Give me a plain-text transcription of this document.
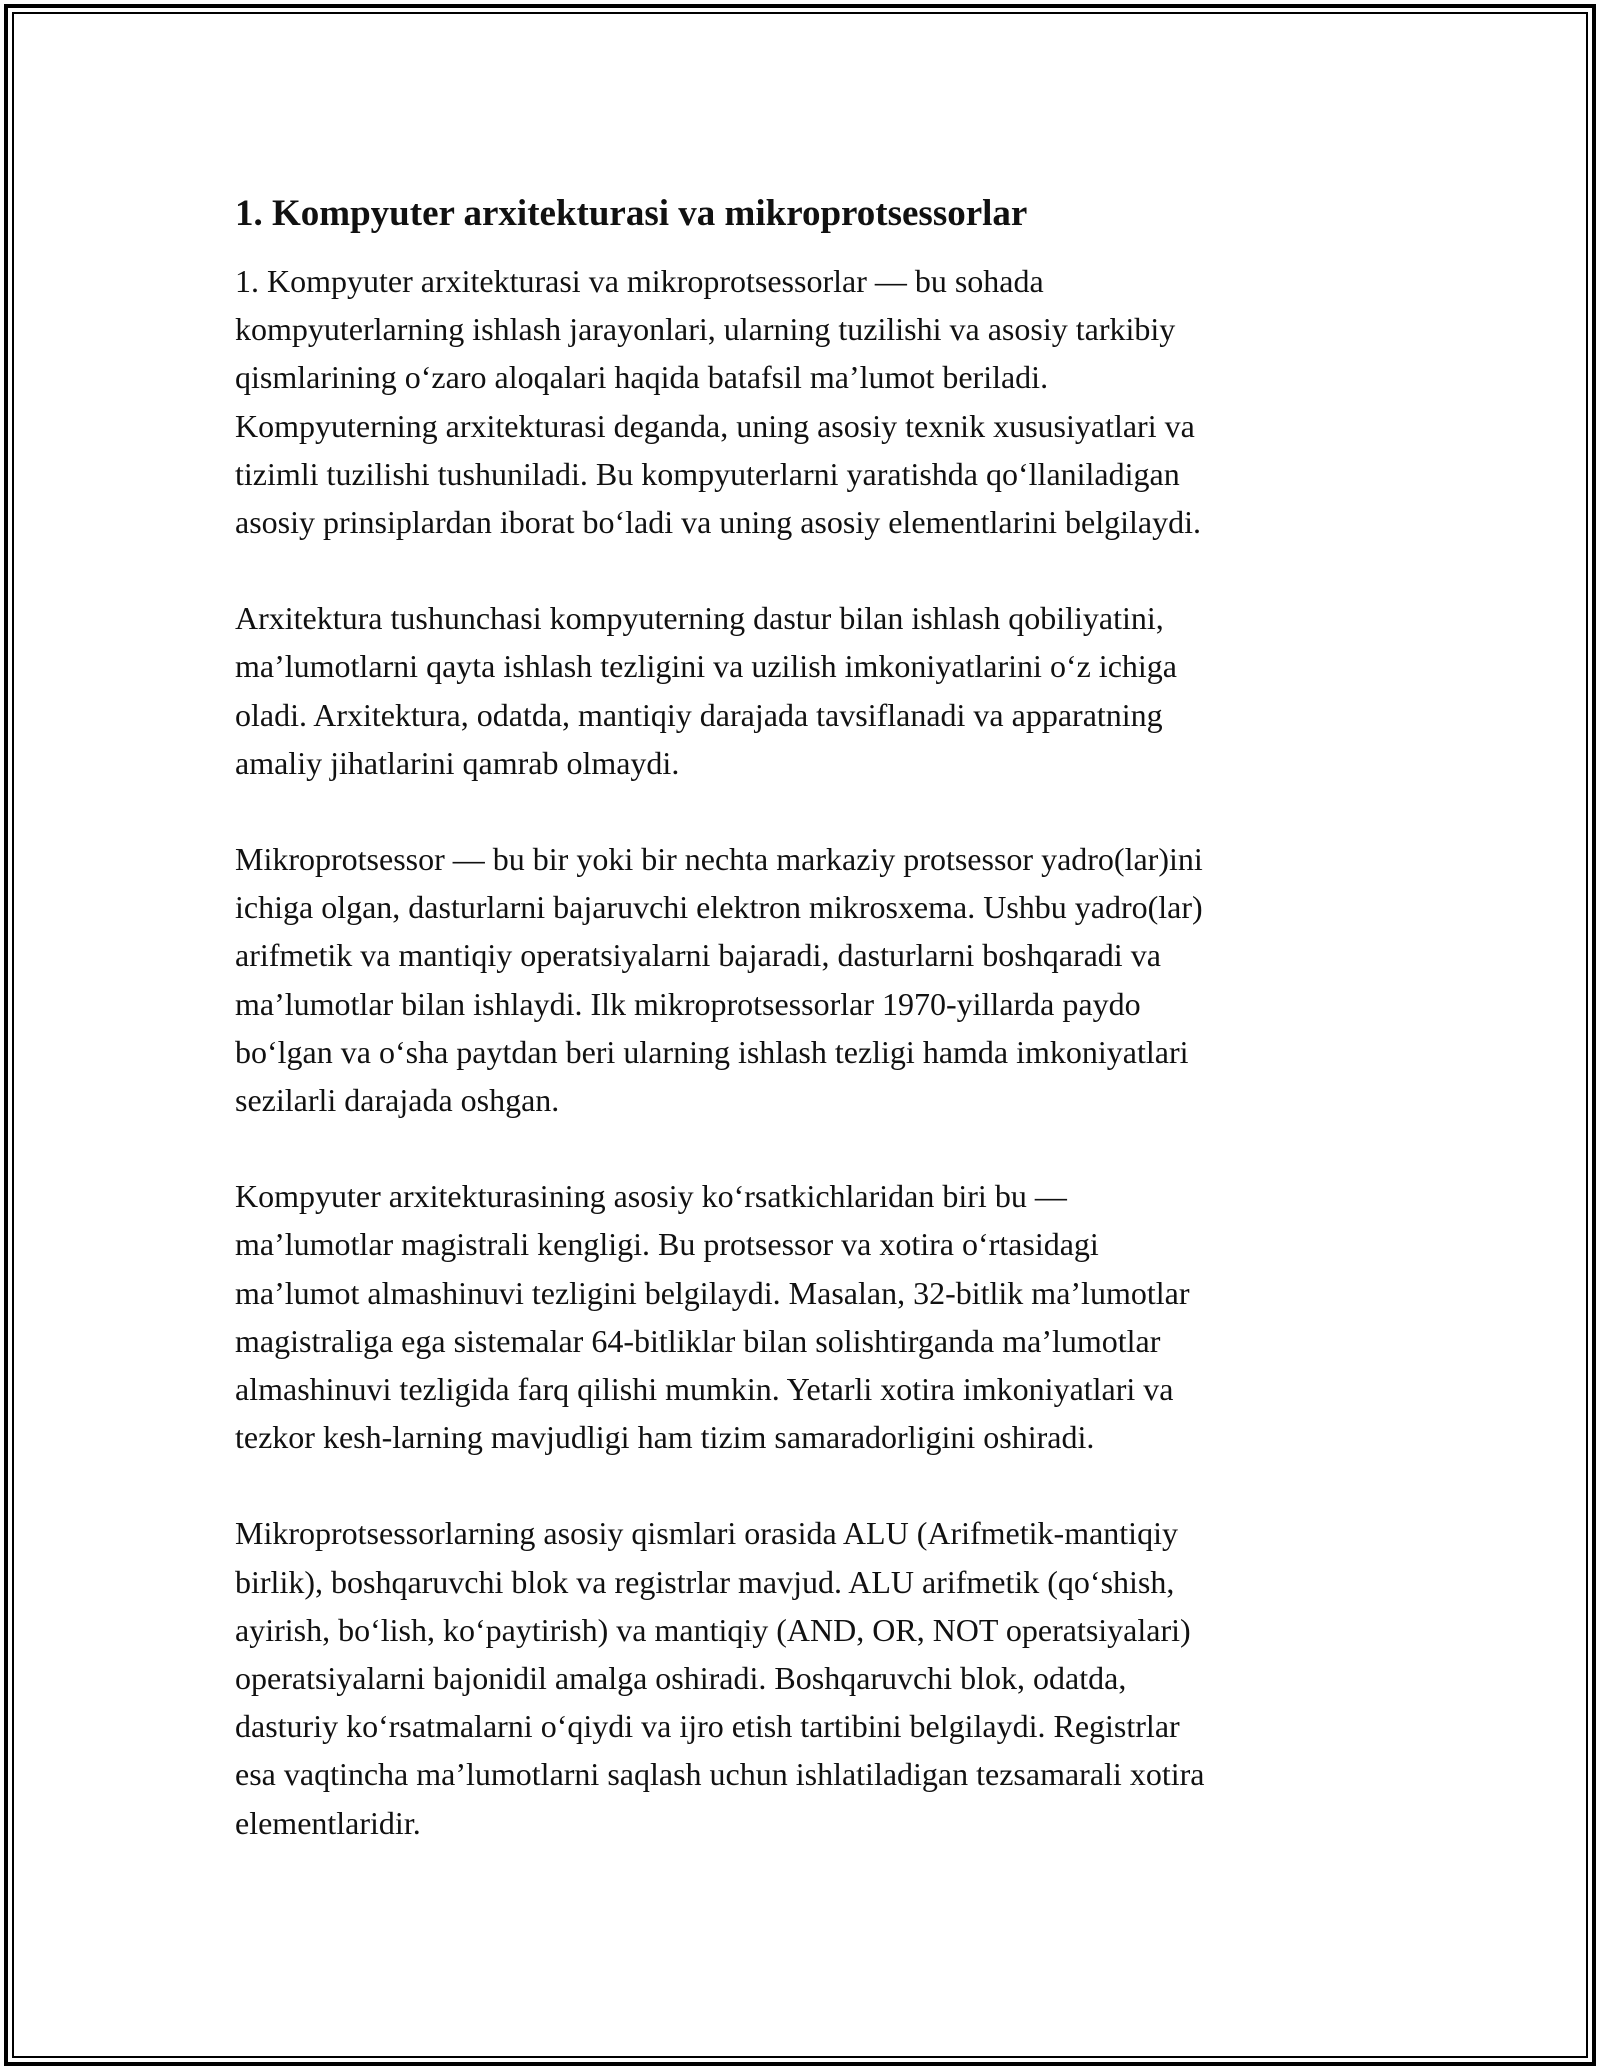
1. Kompyuter arxitekturasi va mikroprotsessorlar

1. Kompyuter arxitekturasi va mikroprotsessorlar — bu sohada
kompyuterlarning ishlash jarayonlari, ularning tuzilishi va asosiy tarkibiy
qismlarining oʻzaro aloqalari haqida batafsil maʼlumot beriladi.
Kompyuterning arxitekturasi deganda, uning asosiy texnik xususiyatlari va
tizimli tuzilishi tushuniladi. Bu kompyuterlarni yaratishda qoʻllaniladigan
asosiy prinsiplardan iborat boʻladi va uning asosiy elementlarini belgilaydi.

Arxitektura tushunchasi kompyuterning dastur bilan ishlash qobiliyatini,
maʼlumotlarni qayta ishlash tezligini va uzilish imkoniyatlarini oʻz ichiga
oladi. Arxitektura, odatda, mantiqiy darajada tavsiflanadi va apparatning
amaliy jihatlarini qamrab olmaydi.

Mikroprotsessor — bu bir yoki bir nechta markaziy protsessor yadro(lar)ini
ichiga olgan, dasturlarni bajaruvchi elektron mikrosxema. Ushbu yadro(lar)
arifmetik va mantiqiy operatsiyalarni bajaradi, dasturlarni boshqaradi va
maʼlumotlar bilan ishlaydi. Ilk mikroprotsessorlar 1970-yillarda paydo
boʻlgan va oʻsha paytdan beri ularning ishlash tezligi hamda imkoniyatlari
sezilarli darajada oshgan.

Kompyuter arxitekturasining asosiy koʻrsatkichlaridan biri bu —
maʼlumotlar magistrali kengligi. Bu protsessor va xotira oʻrtasidagi
maʼlumot almashinuvi tezligini belgilaydi. Masalan, 32-bitlik maʼlumotlar
magistraliga ega sistemalar 64-bitliklar bilan solishtirganda maʼlumotlar
almashinuvi tezligida farq qilishi mumkin. Yetarli xotira imkoniyatlari va
tezkor kesh-larning mavjudligi ham tizim samaradorligini oshiradi.

Mikroprotsessorlarning asosiy qismlari orasida ALU (Arifmetik-mantiqiy
birlik), boshqaruvchi blok va registrlar mavjud. ALU arifmetik (qoʻshish,
ayirish, boʻlish, koʻpaytirish) va mantiqiy (AND, OR, NOT operatsiyalari)
operatsiyalarni bajonidil amalga oshiradi. Boshqaruvchi blok, odatda,
dasturiy koʻrsatmalarni oʻqiydi va ijro etish tartibini belgilaydi. Registrlar
esa vaqtincha maʼlumotlarni saqlash uchun ishlatiladigan tezsamarali xotira
elementlaridir.
